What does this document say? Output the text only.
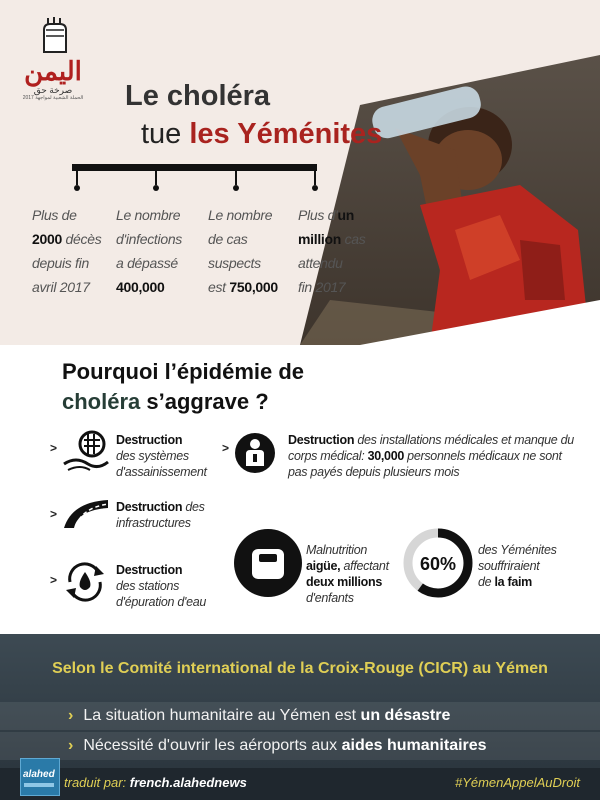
اليمن
صرخة حق
الحملة الشعبية لمواجهة 2017 Le choléra
tue les Yéménites
Plus de
2000 décès
depuis fin
avril 2017
Le nombre
d'infections
a dépassé
400,000
Le nombre
de cas
suspects
est 750,000
Plus d'un
million cas
attendu
fin 2017
Pourquoi l’épidémie de
choléra s’aggrave ?
>
Destruction
des systèmes
d'assainissement
>
Destruction des installations médicales et manque du
corps médical: 30,000 personnels médicaux ne sont
pas payés depuis plusieurs mois
>	Destruction des
infrastructures
>
Destruction
des stations
d'épuration d'eau
Malnutrition
aigüe, affectant
deux millions
d'enfants
60%
des Yéménites
souffriraient
de la faim
Selon le Comité international de la Croix-Rouge (CICR) au Yémen
› La situation humanitaire au Yémen est un désastre
› Nécessité d'ouvrir les aéroports aux aides humanitaires
alahed
traduit par: french.alahednews	#YémenAppelAuDroit
